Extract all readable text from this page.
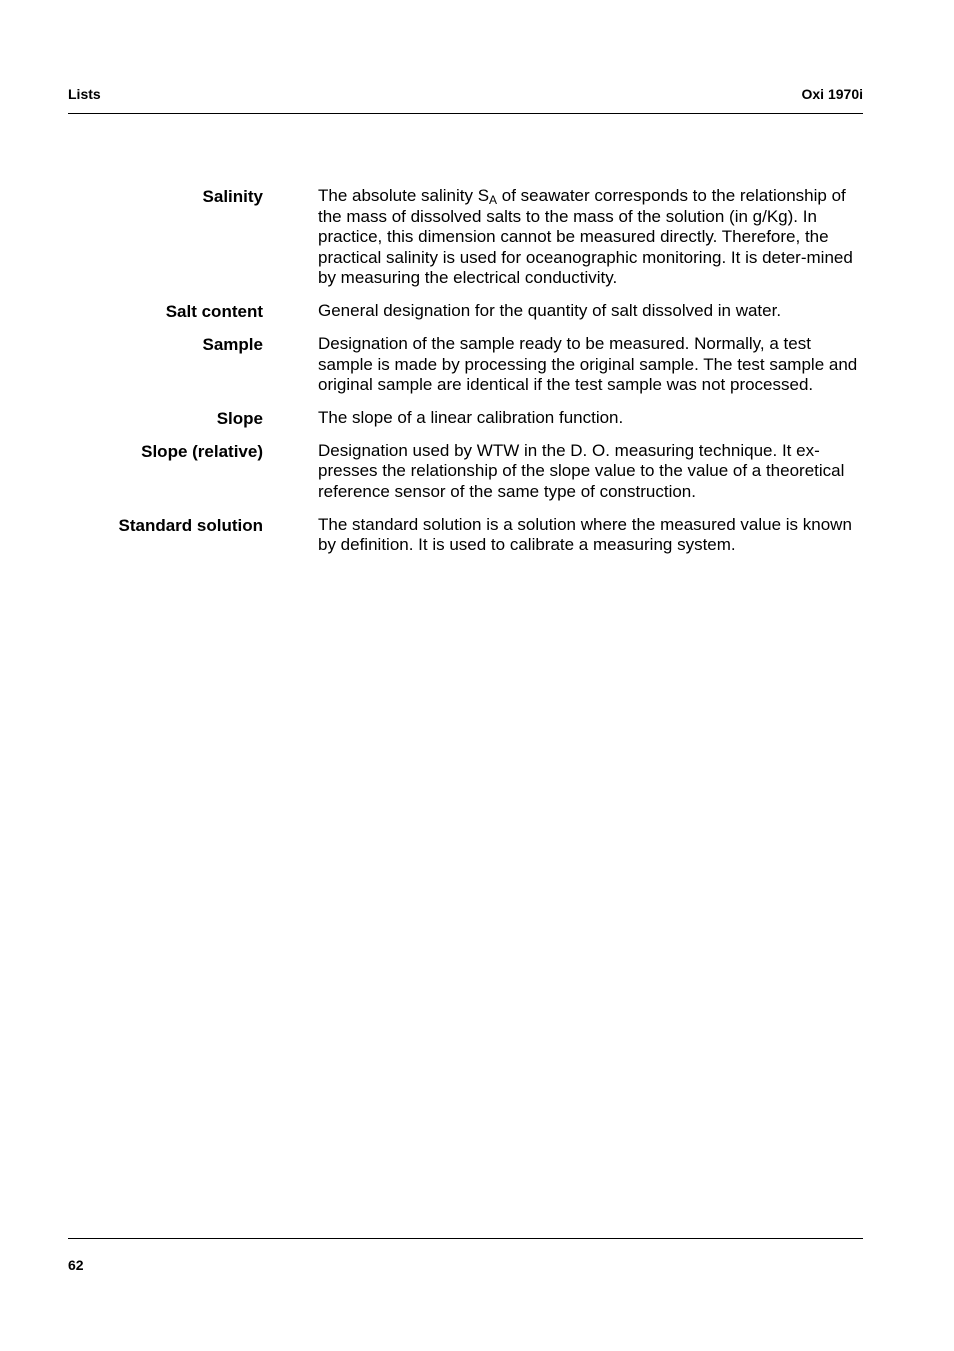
Lists	Oxi 1970i
Salinity	The absolute salinity $S_A$ of seawater corresponds to the relationship of the mass of dissolved salts to the mass of the solution (in g/Kg). In practice, this dimension cannot be measured directly. Therefore, the practical salinity is used for oceanographic monitoring. It is deter-mined by measuring the electrical conductivity.
Salt content	General designation for the quantity of salt dissolved in water.
Sample	Designation of the sample ready to be measured. Normally, a test sample is made by processing the original sample. The test sample and original sample are identical if the test sample was not processed.
Slope	The slope of a linear calibration function.
Slope (relative)	Designation used by WTW in the D. O. measuring technique. It ex-presses the relationship of the slope value to the value of a theoretical reference sensor of the same type of construction.
Standard solution	The standard solution is a solution where the measured value is known by definition. It is used to calibrate a measuring system.
62
